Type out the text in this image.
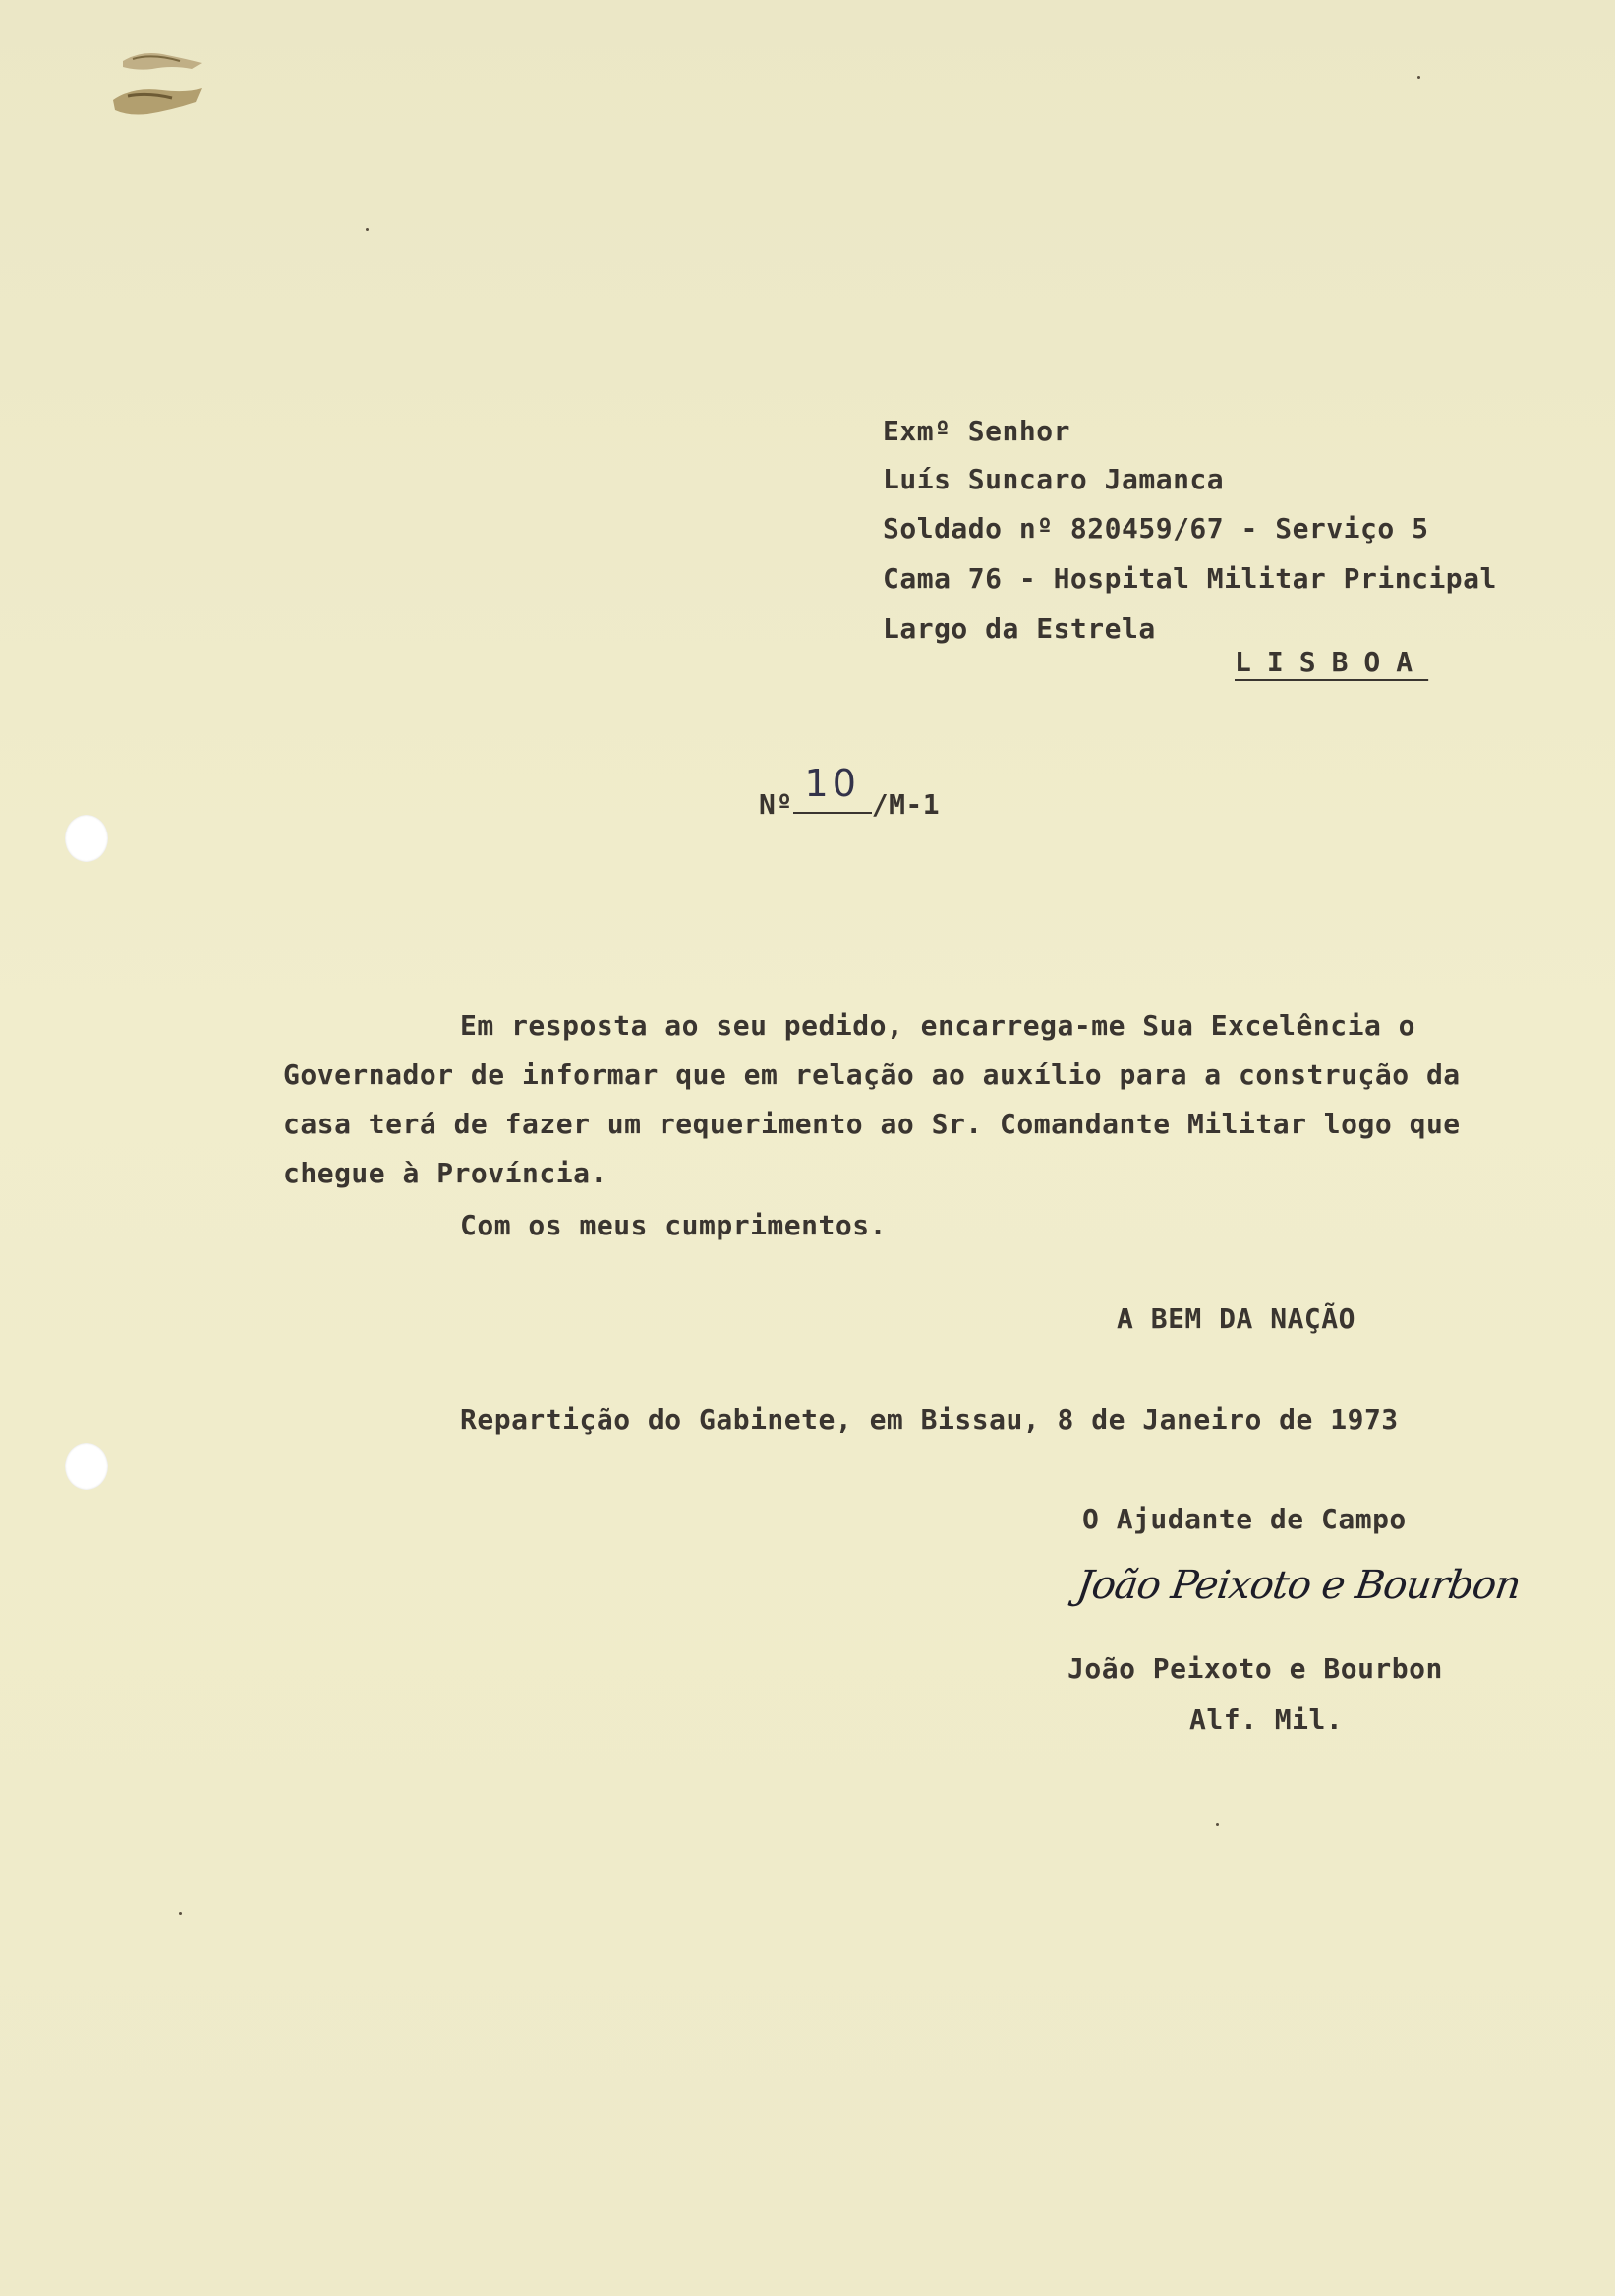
Exmº Senhor
Luís Suncaro Jamanca
Soldado nº 820459/67 - Serviço 5
Cama 76 - Hospital Militar Principal
Largo da Estrela
LISBOA
Nº 10 /M-1
Em resposta ao seu pedido, encarrega-me Sua Excelência o
Governador de informar que em relação ao auxílio para a construção da
casa terá de fazer um requerimento ao Sr. Comandante Militar logo que
chegue à Província.
Com os meus cumprimentos.
A BEM DA NAÇÃO
Repartição do Gabinete, em Bissau, 8 de Janeiro de 1973
O Ajudante de Campo
João Peixoto e Bourbon
João Peixoto e Bourbon
Alf. Mil.
